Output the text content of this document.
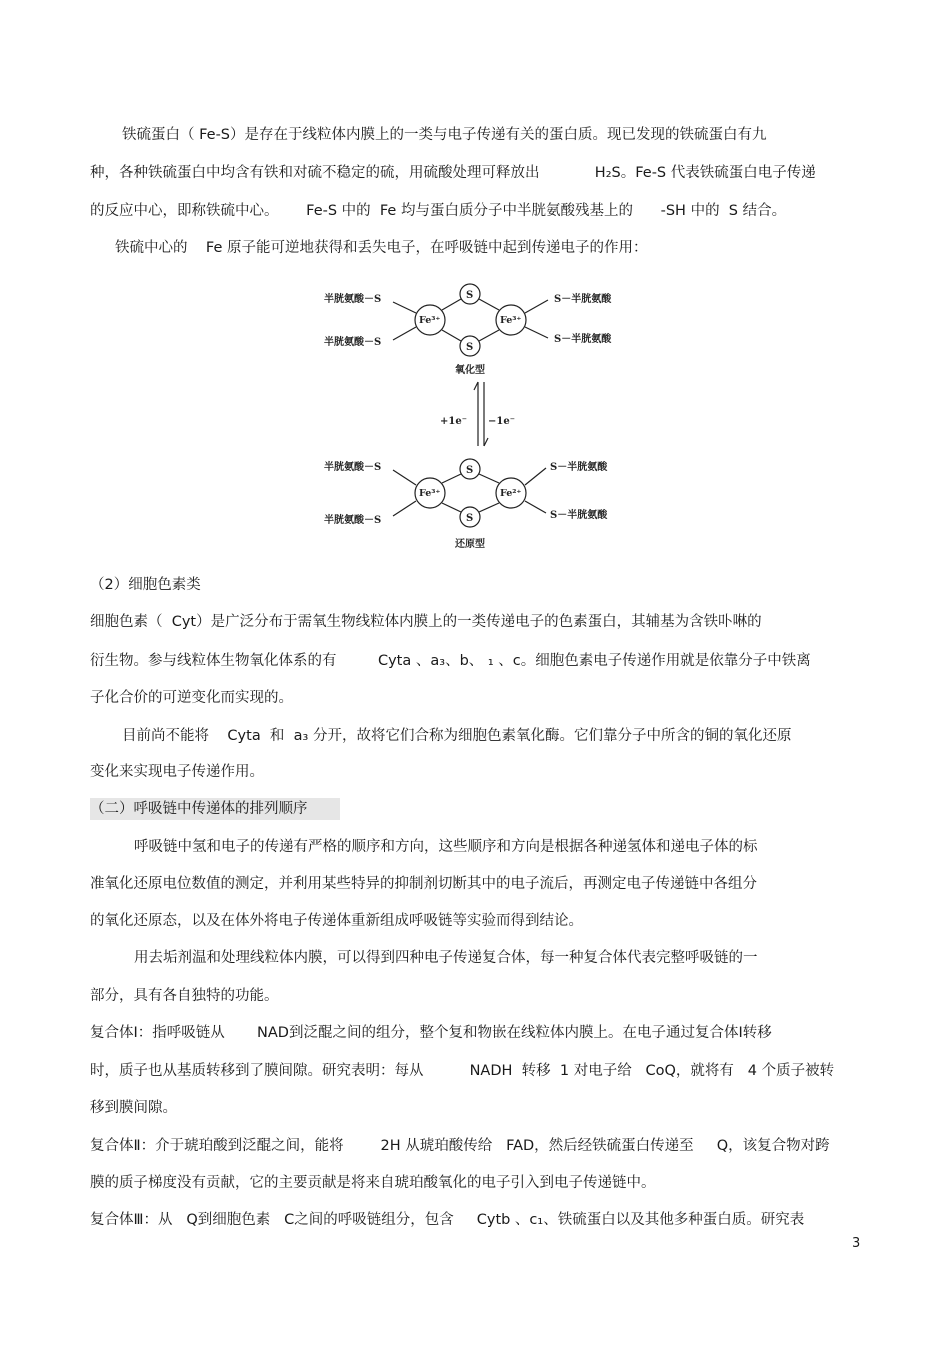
铁硫蛋白（ Fe-S）是存在于线粒体内膜上的一类与电子传递有关的蛋白质。现已发现的铁硫蛋白有九
种，各种铁硫蛋白中均含有铁和对硫不稳定的硫，用硫酸处理可释放出            H₂S。Fe-S 代表铁硫蛋白电子传递
的反应中心，即称铁硫中心。      Fe-S 中的  Fe 均与蛋白质分子中半胱氨酸残基上的      -SH 中的  S 结合。
铁硫中心的    Fe 原子能可逆地获得和丢失电子，在呼吸链中起到传递电子的作用：
半胱氨酸－S
半胱氨酸－S
Fe³⁺	Fe³⁺
S
S
S－半胱氨酸
S－半胱氨酸
氧化型
+1e⁻ −1e⁻
半胱氨酸－S
半胱氨酸－S
Fe³⁺	Fe²⁺
S
S
S－半胱氨酸
S－半胱氨酸
还原型
（2）细胞色素类
细胞色素（  Cyt）是广泛分布于需氧生物线粒体内膜上的一类传递电子的色素蛋白，其辅基为含铁卟啉的
衍生物。参与线粒体生物氧化体系的有         Cyta 、a₃、b、 ₁ 、c。细胞色素电子传递作用就是依靠分子中铁离
子化合价的可逆变化而实现的。
目前尚不能将    Cyta  和  a₃ 分开，故将它们合称为细胞色素氧化酶。它们靠分子中所含的铜的氧化还原
变化来实现电子传递作用。
（二）呼吸链中传递体的排列顺序
呼吸链中氢和电子的传递有严格的顺序和方向，这些顺序和方向是根据各种递氢体和递电子体的标
准氧化还原电位数值的测定，并利用某些特异的抑制剂切断其中的电子流后，再测定电子传递链中各组分
的氧化还原态，以及在体外将电子传递体重新组成呼吸链等实验而得到结论。
用去垢剂温和处理线粒体内膜，可以得到四种电子传递复合体，每一种复合体代表完整呼吸链的一
部分，具有各自独特的功能。
复合体Ⅰ：指呼吸链从       NAD到泛醌之间的组分，整个复和物嵌在线粒体内膜上。在电子通过复合体Ⅰ转移
时，质子也从基质转移到了膜间隙。研究表明：每从          NADH  转移  1 对电子给   CoQ，就将有   4 个质子被转
移到膜间隙。
复合体Ⅱ：介于琥珀酸到泛醌之间，能将        2H 从琥珀酸传给   FAD，然后经铁硫蛋白传递至     Q，该复合物对跨
膜的质子梯度没有贡献，它的主要贡献是将来自琥珀酸氧化的电子引入到电子传递链中。
复合体Ⅲ：从   Q到细胞色素   C之间的呼吸链组分，包含     Cytb 、c₁、铁硫蛋白以及其他多种蛋白质。研究表
3
